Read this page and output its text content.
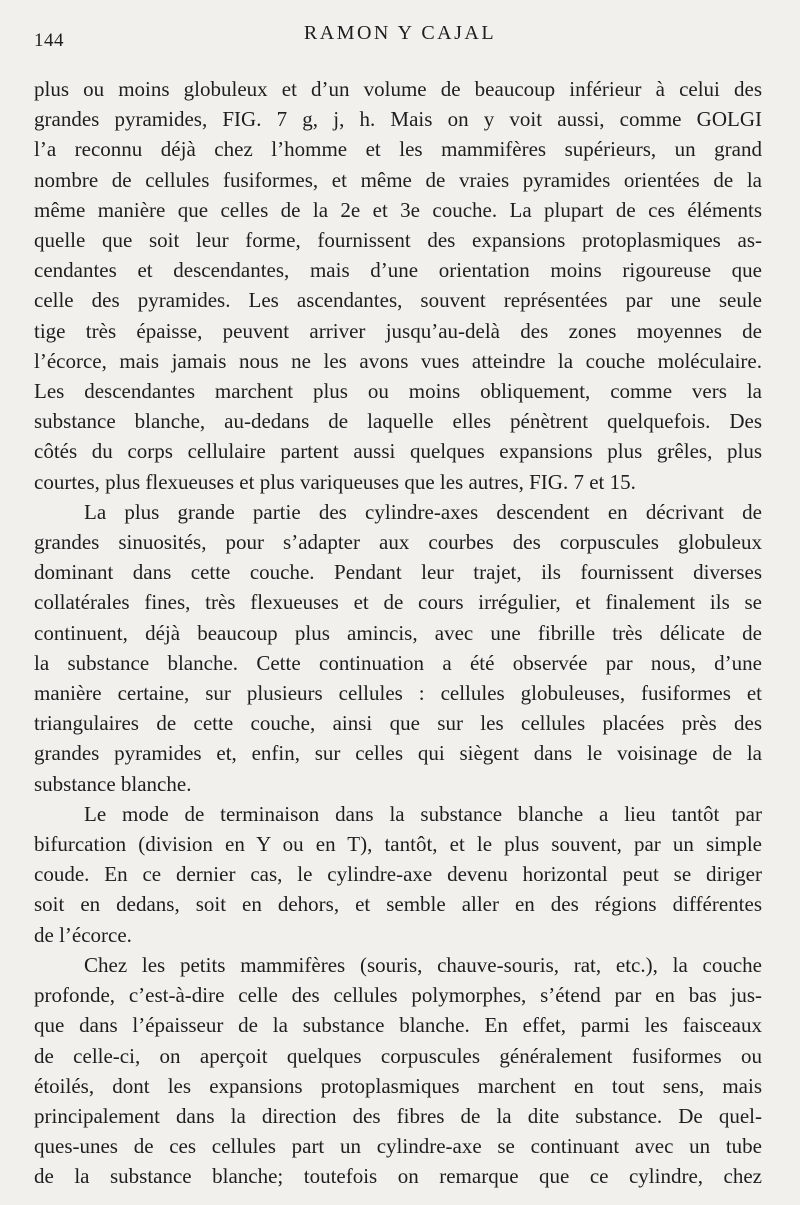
144	RAMON Y CAJAL
plus ou moins globuleux et d’un volume de beaucoup inférieur à celui des
grandes pyramides, FIG. 7 g, j, h. Mais on y voit aussi, comme GOLGI
l’a reconnu déjà chez l’homme et les mammifères supérieurs, un grand
nombre de cellules fusiformes, et même de vraies pyramides orientées de la
même manière que celles de la 2e et 3e couche. La plupart de ces éléments
quelle que soit leur forme, fournissent des expansions protoplasmiques as-
cendantes et descendantes, mais d’une orientation moins rigoureuse que
celle des pyramides. Les ascendantes, souvent représentées par une seule
tige très épaisse, peuvent arriver jusqu’au-delà des zones moyennes de
l’écorce, mais jamais nous ne les avons vues atteindre la couche moléculaire.
Les descendantes marchent plus ou moins obliquement, comme vers la
substance blanche, au-dedans de laquelle elles pénètrent quelquefois. Des
côtés du corps cellulaire partent aussi quelques expansions plus grêles, plus
courtes, plus flexueuses et plus variqueuses que les autres, FIG. 7 et 15.
La plus grande partie des cylindre-axes descendent en décrivant de
grandes sinuosités, pour s’adapter aux courbes des corpuscules globuleux
dominant dans cette couche. Pendant leur trajet, ils fournissent diverses
collatérales fines, très flexueuses et de cours irrégulier, et finalement ils se
continuent, déjà beaucoup plus amincis, avec une fibrille très délicate de
la substance blanche. Cette continuation a été observée par nous, d’une
manière certaine, sur plusieurs cellules : cellules globuleuses, fusiformes et
triangulaires de cette couche, ainsi que sur les cellules placées près des
grandes pyramides et, enfin, sur celles qui siègent dans le voisinage de la
substance blanche.
Le mode de terminaison dans la substance blanche a lieu tantôt par
bifurcation (division en Y ou en T), tantôt, et le plus souvent, par un simple
coude. En ce dernier cas, le cylindre-axe devenu horizontal peut se diriger
soit en dedans, soit en dehors, et semble aller en des régions différentes
de l’écorce.
Chez les petits mammifères (souris, chauve-souris, rat, etc.), la couche
profonde, c’est-à-dire celle des cellules polymorphes, s’étend par en bas jus-
que dans l’épaisseur de la substance blanche. En effet, parmi les faisceaux
de celle-ci, on aperçoit quelques corpuscules généralement fusiformes ou
étoilés, dont les expansions protoplasmiques marchent en tout sens, mais
principalement dans la direction des fibres de la dite substance. De quel-
ques-unes de ces cellules part un cylindre-axe se continuant avec un tube
de la substance blanche; toutefois on remarque que ce cylindre, chez
